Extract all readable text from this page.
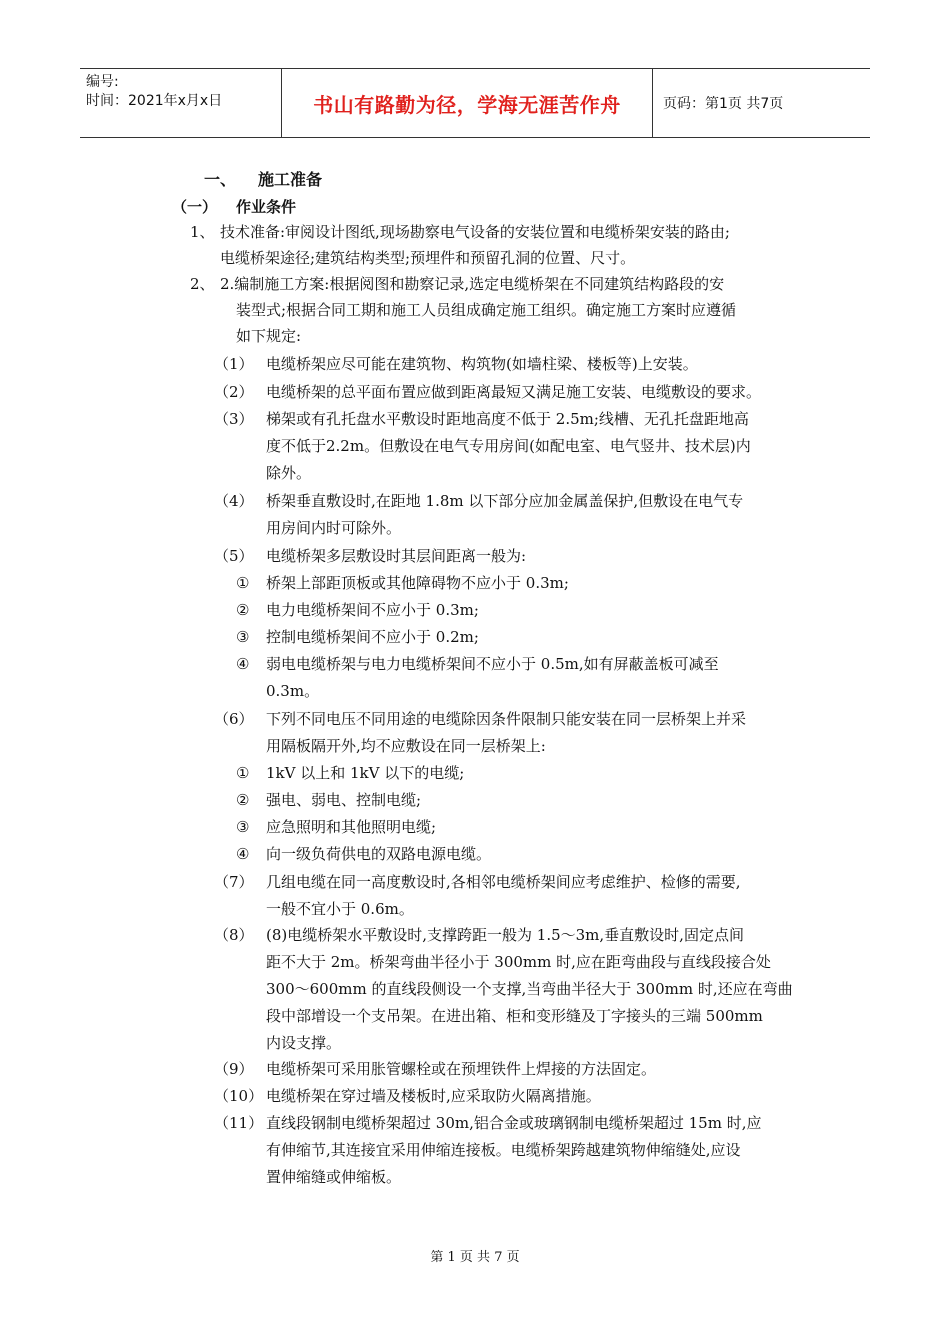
编号:
时间：2021年x月x日	书山有路勤为径，学海无涯苦作舟	页码：第1页 共7页
一、 施工准备
（一） 作业条件
1、 技术准备:审阅设计图纸,现场勘察电气设备的安装位置和电缆桥架安装的路由;
电缆桥架途径;建筑结构类型;预埋件和预留孔洞的位置、尺寸。
2、 2.编制施工方案:根据阅图和勘察记录,选定电缆桥架在不同建筑结构路段的安
装型式;根据合同工期和施工人员组成确定施工组织。确定施工方案时应遵循
如下规定:
（1） 电缆桥架应尽可能在建筑物、构筑物(如墙柱梁、楼板等)上安装。
（2） 电缆桥架的总平面布置应做到距离最短又满足施工安装、电缆敷设的要求。
（3） 梯架或有孔托盘水平敷设时距地高度不低于 2.5m;线槽、无孔托盘距地高
度不低于2.2m。但敷设在电气专用房间(如配电室、电气竖井、技术层)内
除外。
（4） 桥架垂直敷设时,在距地 1.8m 以下部分应加金属盖保护,但敷设在电气专
用房间内时可除外。
（5） 电缆桥架多层敷设时其层间距离一般为:
① 桥架上部距顶板或其他障碍物不应小于 0.3m;
② 电力电缆桥架间不应小于 0.3m;
③ 控制电缆桥架间不应小于 0.2m;
④ 弱电电缆桥架与电力电缆桥架间不应小于 0.5m,如有屏蔽盖板可减至
0.3m。
（6） 下列不同电压不同用途的电缆除因条件限制只能安装在同一层桥架上并采
用隔板隔开外,均不应敷设在同一层桥架上:
① 1kV 以上和 1kV 以下的电缆;
② 强电、弱电、控制电缆;
③ 应急照明和其他照明电缆;
④ 向一级负荷供电的双路电源电缆。
（7） 几组电缆在同一高度敷设时,各相邻电缆桥架间应考虑维护、检修的需要,
一般不宜小于 0.6m。
（8） (8)电缆桥架水平敷设时,支撑跨距一般为 1.5～3m,垂直敷设时,固定点间
距不大于 2m。桥架弯曲半径小于 300mm 时,应在距弯曲段与直线段接合处
300～600mm 的直线段侧设一个支撑,当弯曲半径大于 300mm 时,还应在弯曲
段中部增设一个支吊架。在进出箱、柜和变形缝及丁字接头的三端 500mm
内设支撑。
（9） 电缆桥架可采用胀管螺栓或在预埋铁件上焊接的方法固定。
（10） 电缆桥架在穿过墙及楼板时,应采取防火隔离措施。
（11） 直线段钢制电缆桥架超过 30m,铝合金或玻璃钢制电缆桥架超过 15m 时,应
有伸缩节,其连接宜采用伸缩连接板。电缆桥架跨越建筑物伸缩缝处,应设
置伸缩缝或伸缩板。
第 1 页 共 7 页
